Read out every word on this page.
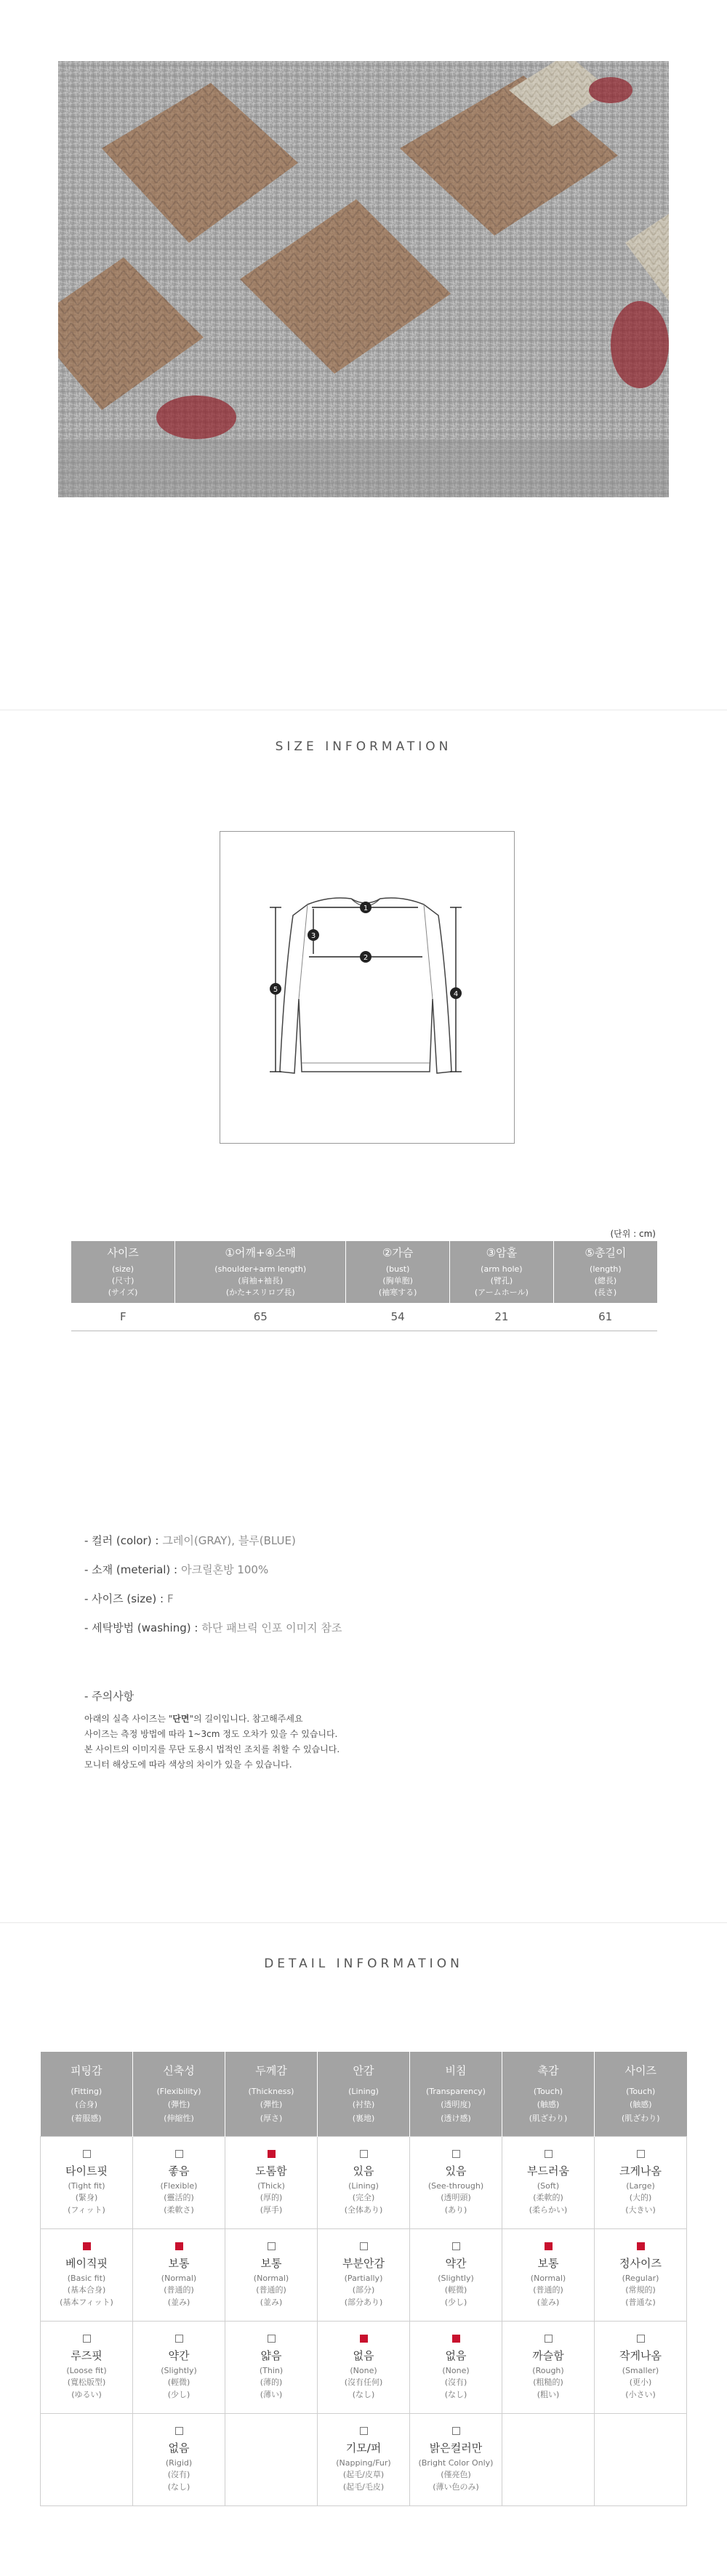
SIZE INFORMATION
1
2
3
4
5
(단위 : cm)
사이즈
(size)
(尺寸)
(サイズ)	①어깨+④소매
(shoulder+arm length)
(肩袖+袖長)
(かた+スリロブ長)	②가슴
(bust)
(胸单胞)
(袖寒する)	③암홀
(arm hole)
(臂孔)
(アームホール)	⑤총길이
(length)
(總長)
(長さ)

F	65	54	21	61
- 컬러 (color) : 그레이(GRAY), 블루(BLUE)
- 소재 (meterial) : 아크릴혼방 100%
- 사이즈 (size) : F
- 세탁방법 (washing) : 하단 패브릭 인포 이미지 참조
- 주의사항
아래의 실측 사이즈는 "단면"의 길이입니다. 참고해주세요
사이즈는 측정 방법에 따라 1~3cm 정도 오차가 있을 수 있습니다.
본 사이트의 이미지를 무단 도용시 법적인 조치를 취할 수 있습니다.
모니터 해상도에 따라 색상의 차이가 있을 수 있습니다.
DETAIL INFORMATION
피팅감
(Fitting)
(合身)
(着服感)	신축성
(Flexibility)
(彈性)
(伸縮性)	두께감
(Thickness)
(彈性)
(厚さ)	안감
(Lining)
(衬垫)
(裏地)	비침
(Transparency)
(透明度)
(透け感)	촉감
(Touch)
(触感)
(肌ざわり)	사이즈
(Touch)
(触感)
(肌ざわり)

타이트핏
(Tight fit)
(緊身)
(フィット)	좋음
(Flexible)
(靈活的)
(柔軟さ)	도톰함
(Thick)
(厚的)
(厚手)	있음
(Lining)
(完全)
(全体あり)	있음
(See-through)
(透明頭)
(あり)	부드러움
(Soft)
(柔軟的)
(柔らかい)	크게나옴
(Large)
(大的)
(大きい)

베이직핏
(Basic fit)
(基本合身)
(基本フィット)	보통
(Normal)
(普通的)
(並み)	보통
(Normal)
(普通的)
(並み)	부분안감
(Partially)
(部分)
(部分あり)	약간
(Slightly)
(輕微)
(少し)	보통
(Normal)
(普通的)
(並み)	정사이즈
(Regular)
(常規的)
(普通な)

루즈핏
(Loose fit)
(寬松版型)
(ゆるい)	약간
(Slightly)
(輕微)
(少し)	얇음
(Thin)
(薄的)
(薄い)	없음
(None)
(沒有任何)
(なし)	없음
(None)
(沒有)
(なし)	까슬함
(Rough)
(粗糙的)
(粗い)	작게나옴
(Smaller)
(更小)
(小さい)

	없음
(Rigid)
(沒有)
(なし)		기모/퍼
(Napping/Fur)
(起毛/皮草)
(起毛/毛皮)	밝은컬러만
(Bright Color Only)
(僅亮色)
(薄い色のみ)		
